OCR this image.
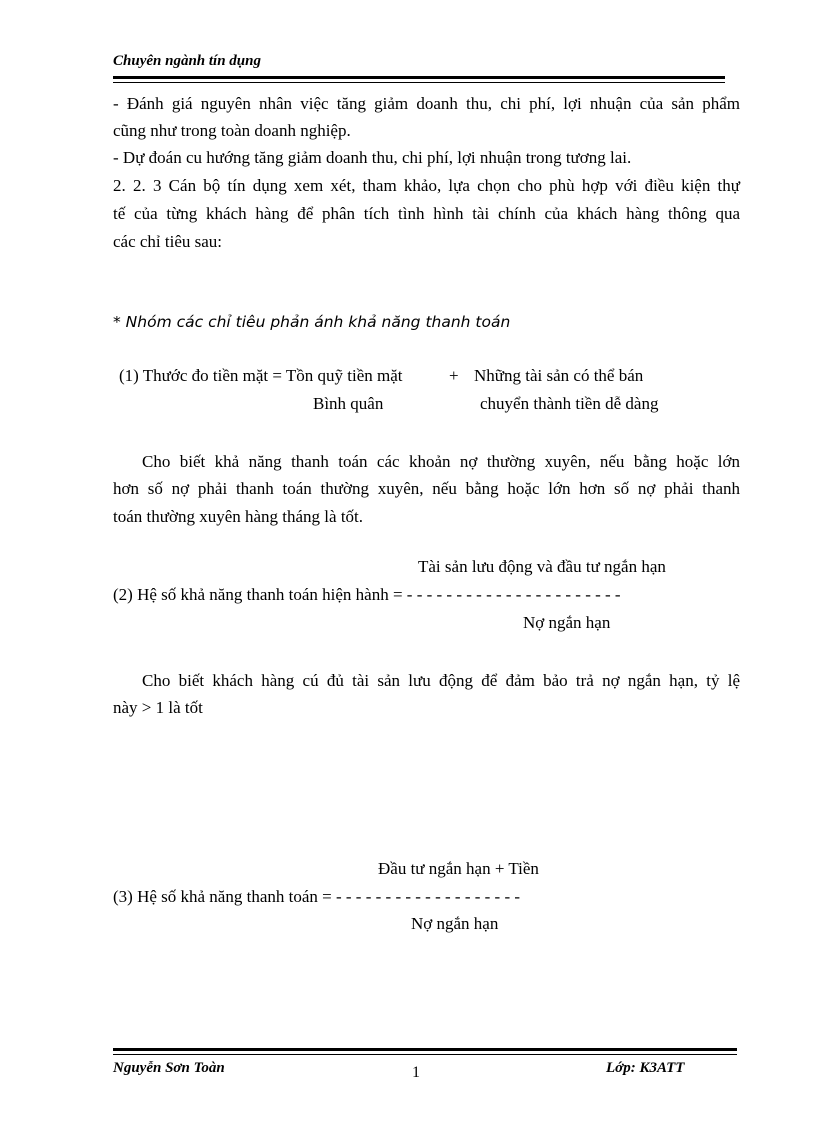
Chuyên ngành tín dụng
- Đánh giá nguyên nhân việc tăng giảm doanh thu, chi phí, lợi nhuận của sản phẩm
cũng như trong toàn doanh nghiệp.
- Dự đoán cu hướng tăng giảm doanh thu, chi phí, lợi nhuận trong tương lai.
2. 2. 3 Cán bộ tín dụng xem xét, tham khảo, lựa chọn cho phù hợp với điều kiện thự
tế của từng khách hàng để phân tích tình hình tài chính của khách hàng thông qua
các chỉ tiêu sau:
* Nhóm các chỉ tiêu phản ánh khả năng thanh toán
(1) Thước đo tiền mặt = Tồn quỹ tiền mặt	+ Những tài sản có thể bán
Bình quân	chuyển thành tiền dễ dàng
Cho biết khả năng thanh toán các khoản nợ thường xuyên, nếu bằng hoặc lớn
hơn số nợ phải thanh toán thường xuyên, nếu bằng hoặc lớn hơn số nợ phải thanh
toán thường xuyên hàng tháng là tốt.
Tài sản lưu động và đầu tư ngắn hạn
(2) Hệ số khả năng thanh toán hiện hành = - - - - - - - - - - - - - - - - - - - - - -
Nợ ngắn hạn
Cho biết khách hàng cú đủ tài sản lưu động để đảm bảo trả nợ ngắn hạn, tỷ lệ
này > 1 là tốt
Đầu tư ngắn hạn + Tiền
(3) Hệ số khả năng thanh toán = - - - - - - - - - - - - - - - - - - -
Nợ ngắn hạn
Nguyễn Sơn Toàn	1	Lớp: K3ATT
